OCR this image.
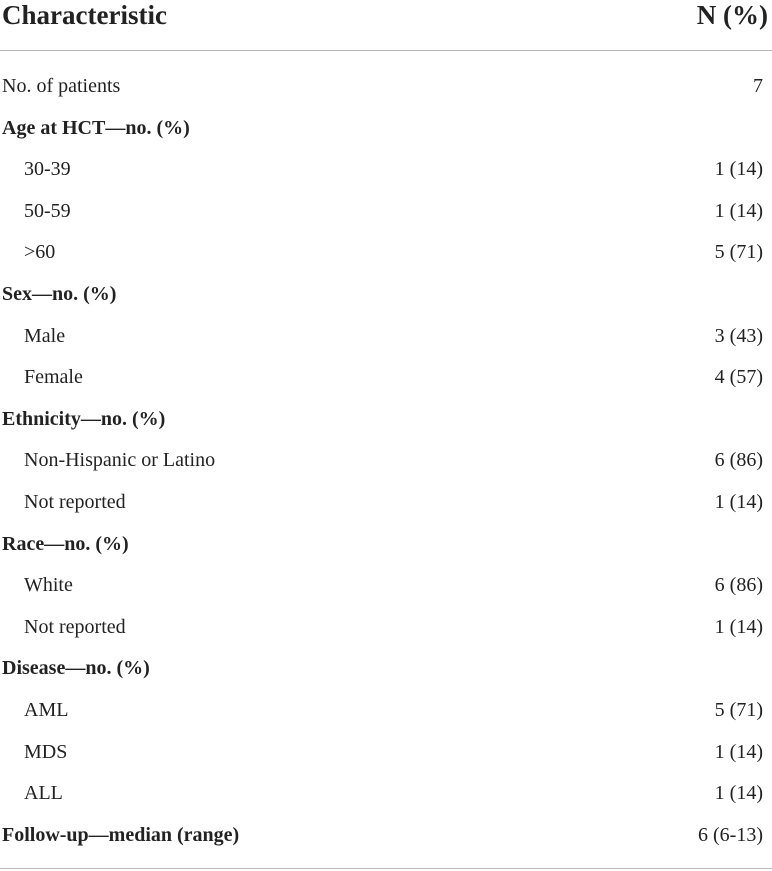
Characteristic	N (%)
No. of patients	7
Age at HCT—no. (%)
30-39	1 (14)
50-59	1 (14)
>60	5 (71)
Sex—no. (%)
Male	3 (43)
Female	4 (57)
Ethnicity—no. (%)
Non-Hispanic or Latino	6 (86)
Not reported	1 (14)
Race—no. (%)
White	6 (86)
Not reported	1 (14)
Disease—no. (%)
AML	5 (71)
MDS	1 (14)
ALL	1 (14)
Follow-up—median (range)	6 (6-13)
